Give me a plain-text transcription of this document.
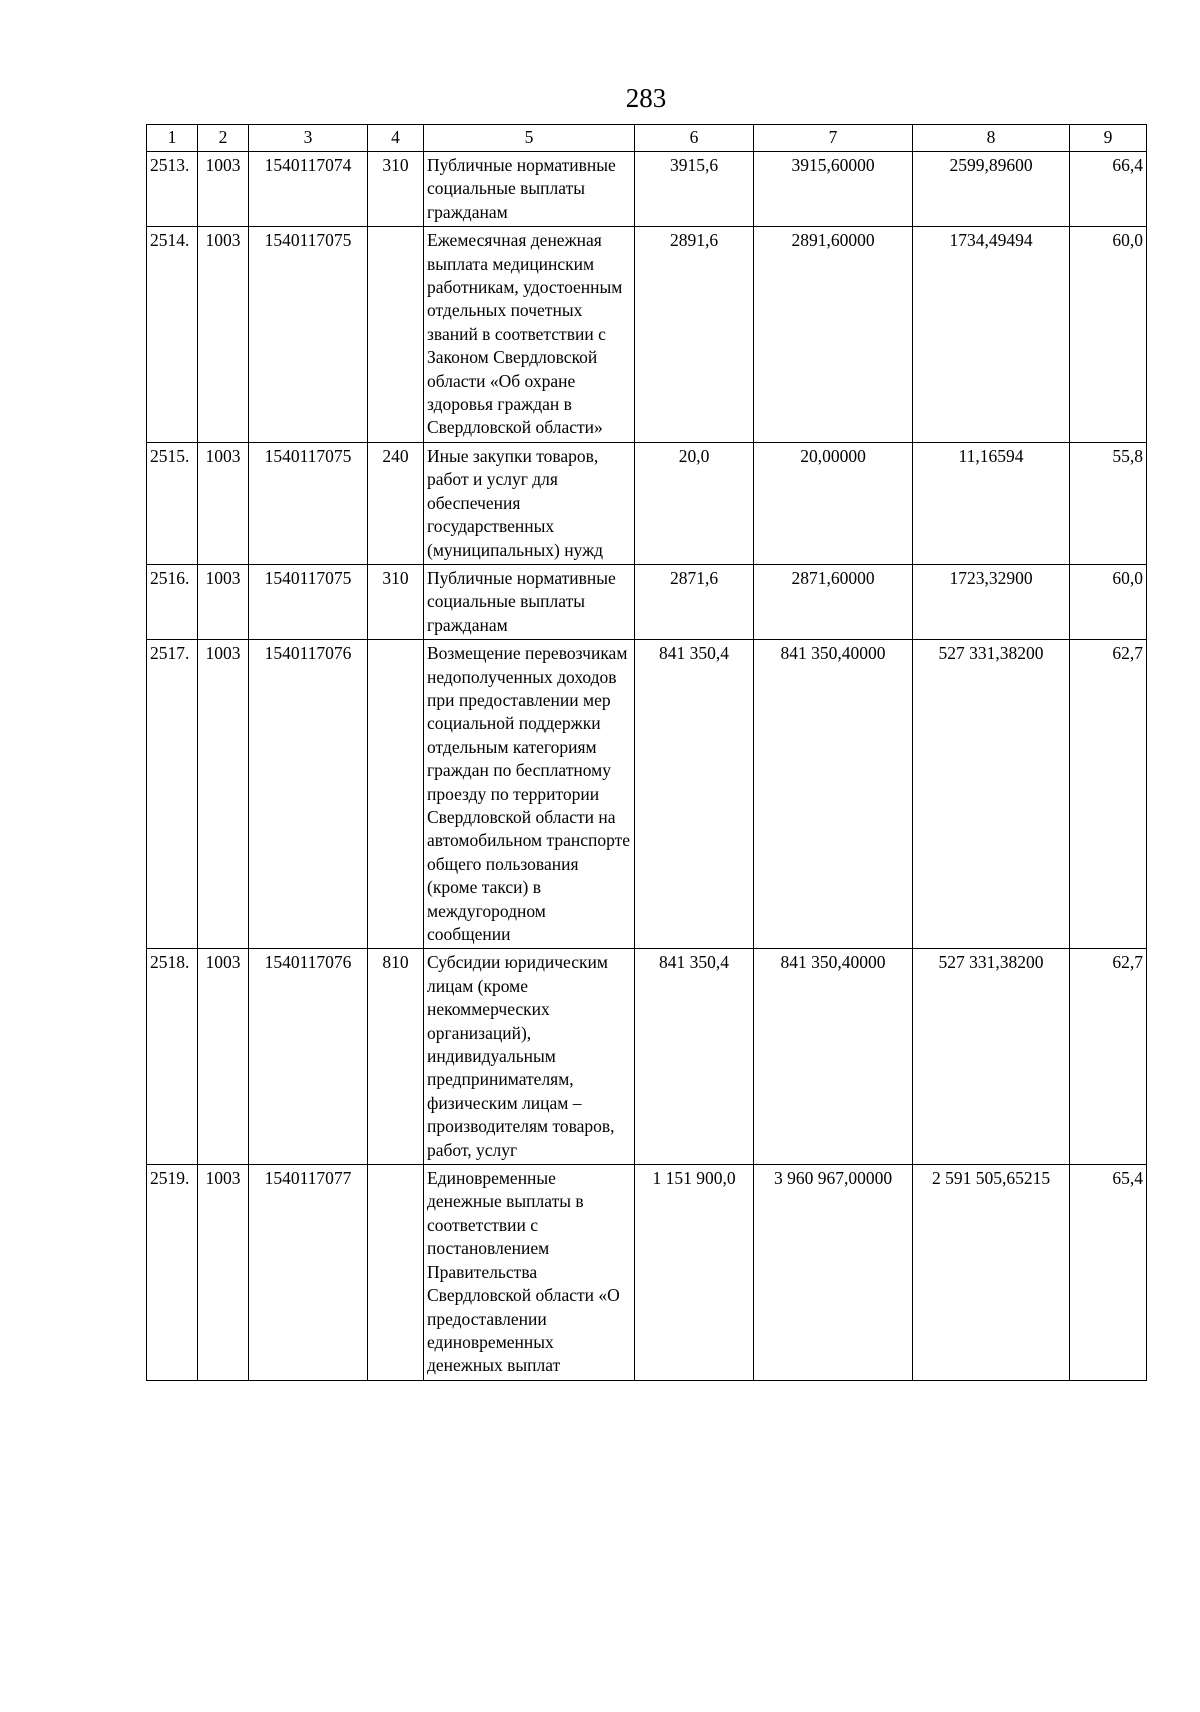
283
1	2	3	4	5	6	7	8	9
2513.	1003	1540117074	310	Публичные нормативные социальные выплаты гражданам	3915,6	3915,60000	2599,89600	66,4
2514.	1003	1540117075		Ежемесячная денежная выплата медицинским работникам, удостоенным отдельных почетных званий в соответствии с Законом Свердловской области «Об охране здоровья граждан в Свердловской области»	2891,6	2891,60000	1734,49494	60,0
2515.	1003	1540117075	240	Иные закупки товаров, работ и услуг для обеспечения государственных (муниципальных) нужд	20,0	20,00000	11,16594	55,8
2516.	1003	1540117075	310	Публичные нормативные социальные выплаты гражданам	2871,6	2871,60000	1723,32900	60,0
2517.	1003	1540117076		Возмещение перевозчикам недополученных доходов при предоставлении мер социальной поддержки отдельным категориям граждан по бесплатному проезду по территории Свердловской области на автомобильном транспорте общего пользования (кроме такси) в междугородном сообщении	841 350,4	841 350,40000	527 331,38200	62,7
2518.	1003	1540117076	810	Субсидии юридическим лицам (кроме некоммерческих организаций), индивидуальным предпринимателям, физическим лицам – производителям товаров, работ, услуг	841 350,4	841 350,40000	527 331,38200	62,7
2519.	1003	1540117077		Единовременные денежные выплаты в соответствии с постановлением Правительства Свердловской области «О предоставлении единовременных денежных выплат	1 151 900,0	3 960 967,00000	2 591 505,65215	65,4
